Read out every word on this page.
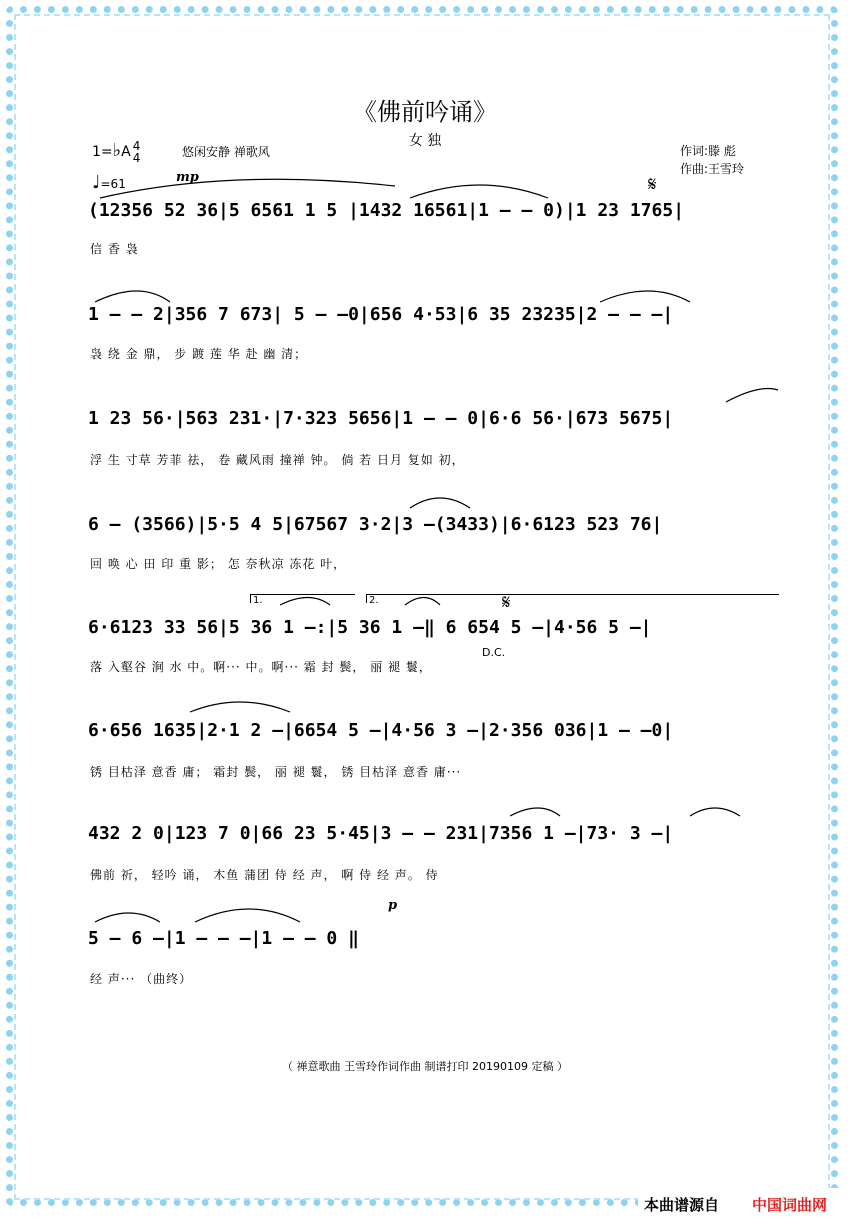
《佛前吟诵》
女 独
1=♭A 4
4	悠闲安静 禅歌风	作词:滕 彪
作曲:王雪玲
♩=61	mp
(12356 52 36|5 6561 1 5 |1432 16561|1 – – 0)|1 23 1765|
信 香 袅
𝄋
1 – – 2|356 7 673| 5 – –0|656 4·53|6 35 23235|2 – – –|
袅 绕 金 鼎， 步 踱 莲 华 赴 幽 清；
1 23 56·|563 231·|7·323 5656|1 – – 0|6·6 56·|673 5675|
浮 生 寸草 芳菲 祛， 卷 藏风雨 撞禅 钟。 倘 若 日月 复如 初，
6 – (3566)|5·5 4 5|67567 3·2|3 –(3433)|6·6123 523 76|
回 唤 心 田 印 重 影； 怎 奈秋凉 冻花 叶，
1.	2.	𝄋
6·6123 33 56|5 36 1 –:|5 36 1 –‖ 6 654 5 –|4·56 5 –|
落 入壑谷 涧 水 中。啊··· 中。啊··· 霜 封 鬓， 丽 褪 鬟，
D.C.
6·656 1635|2·1 2 –|6654 5 –|4·56 3 –|2·356 036|1 – –0|
锈 目枯泽 意香 庸； 霜封 鬓， 丽 褪 鬟， 锈 目枯泽 意香 庸···
432 2 0|123 7 0|66 23 5·45|3 – – 231|7356 1 –|73· 3 –|
佛前 祈， 轻吟 诵， 木鱼 蒲团 侍 经 声， 啊 侍 经 声。 侍
p
5 – 6 –|1 – – –|1 – – 0 ‖
经 声··· （曲终）
（ 禅意歌曲 王雪玲作词作曲 制谱打印 20190109 定稿 ）
本曲谱源自 中国词曲网
